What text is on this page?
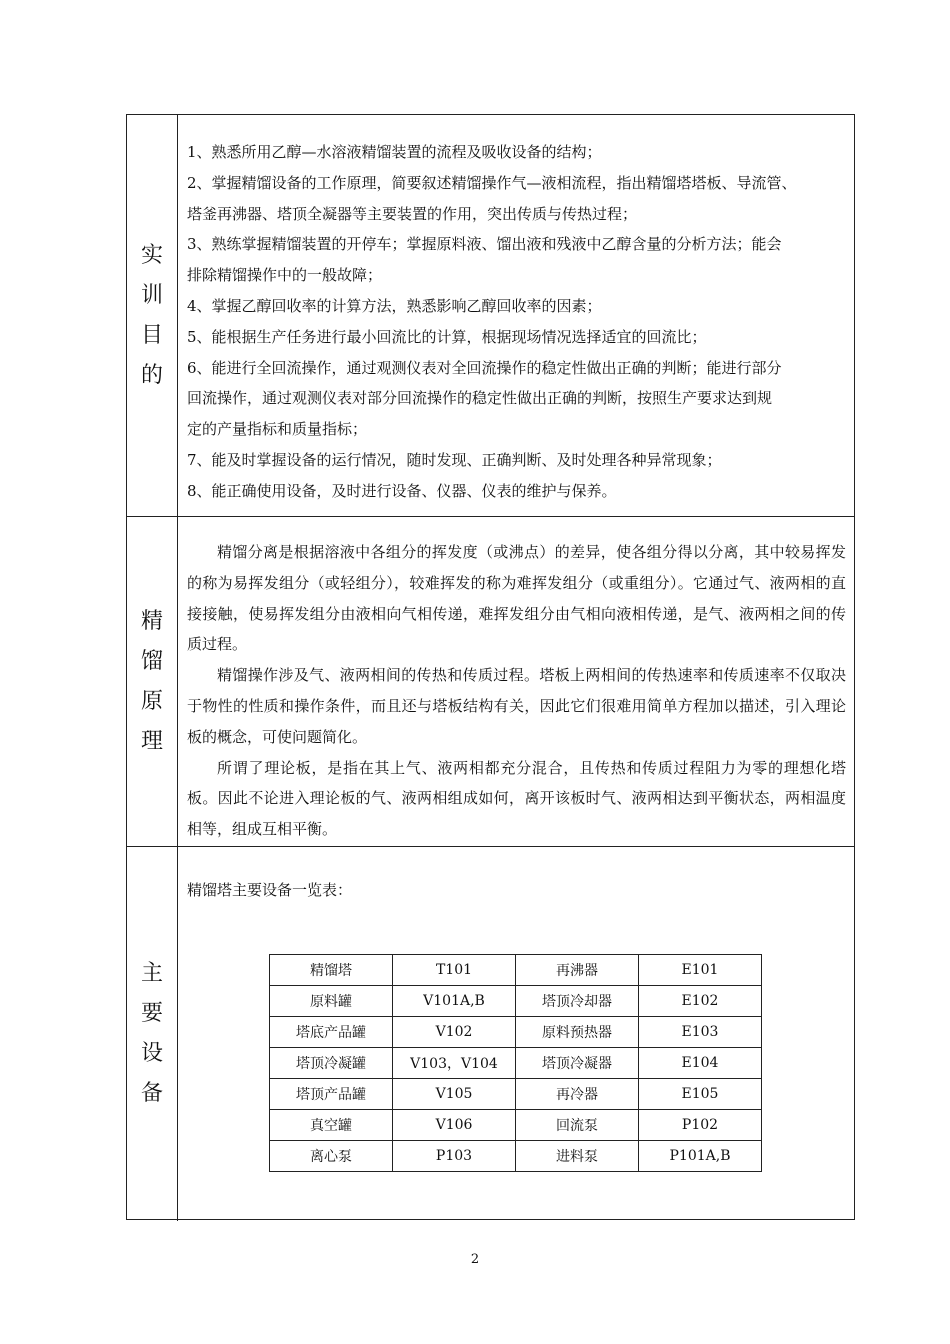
实
训
目
的
1、熟悉所用乙醇—水溶液精馏装置的流程及吸收设备的结构；
2、掌握精馏设备的工作原理，简要叙述精馏操作气—液相流程，指出精馏塔塔板、导流管、
塔釜再沸器、塔顶全凝器等主要装置的作用，突出传质与传热过程；
3、熟练掌握精馏装置的开停车；掌握原料液、馏出液和残液中乙醇含量的分析方法；能会
排除精馏操作中的一般故障；
4、掌握乙醇回收率的计算方法，熟悉影响乙醇回收率的因素；
5、能根据生产任务进行最小回流比的计算，根据现场情况选择适宜的回流比；
6、能进行全回流操作，通过观测仪表对全回流操作的稳定性做出正确的判断；能进行部分
回流操作，通过观测仪表对部分回流操作的稳定性做出正确的判断，按照生产要求达到规
定的产量指标和质量指标；
7、能及时掌握设备的运行情况，随时发现、正确判断、及时处理各种异常现象；
8、能正确使用设备，及时进行设备、仪器、仪表的维护与保养。
精
馏
原
理
精馏分离是根据溶液中各组分的挥发度（或沸点）的差异，使各组分得以分离，其中较易挥发的称为易挥发组分（或轻组分），较难挥发的称为难挥发组分（或重组分）。它通过气、液两相的直接接触，使易挥发组分由液相向气相传递，难挥发组分由气相向液相传递，是气、液两相之间的传质过程。
精馏操作涉及气、液两相间的传热和传质过程。塔板上两相间的传热速率和传质速率不仅取决于物性的性质和操作条件，而且还与塔板结构有关，因此它们很难用简单方程加以描述，引入理论板的概念，可使问题简化。
所谓了理论板，是指在其上气、液两相都充分混合，且传热和传质过程阻力为零的理想化塔板。因此不论进入理论板的气、液两相组成如何，离开该板时气、液两相达到平衡状态，两相温度相等，组成互相平衡。
主
要
设
备
精馏塔主要设备一览表：
精馏塔	T101	再沸器	E101
原料罐	V101A,B	塔顶冷却器	E102
塔底产品罐	V102	原料预热器	E103
塔顶冷凝罐	V103，V104	塔顶冷凝器	E104
塔顶产品罐	V105	再冷器	E105
真空罐	V106	回流泵	P102
离心泵	P103	进料泵	P101A,B
2
